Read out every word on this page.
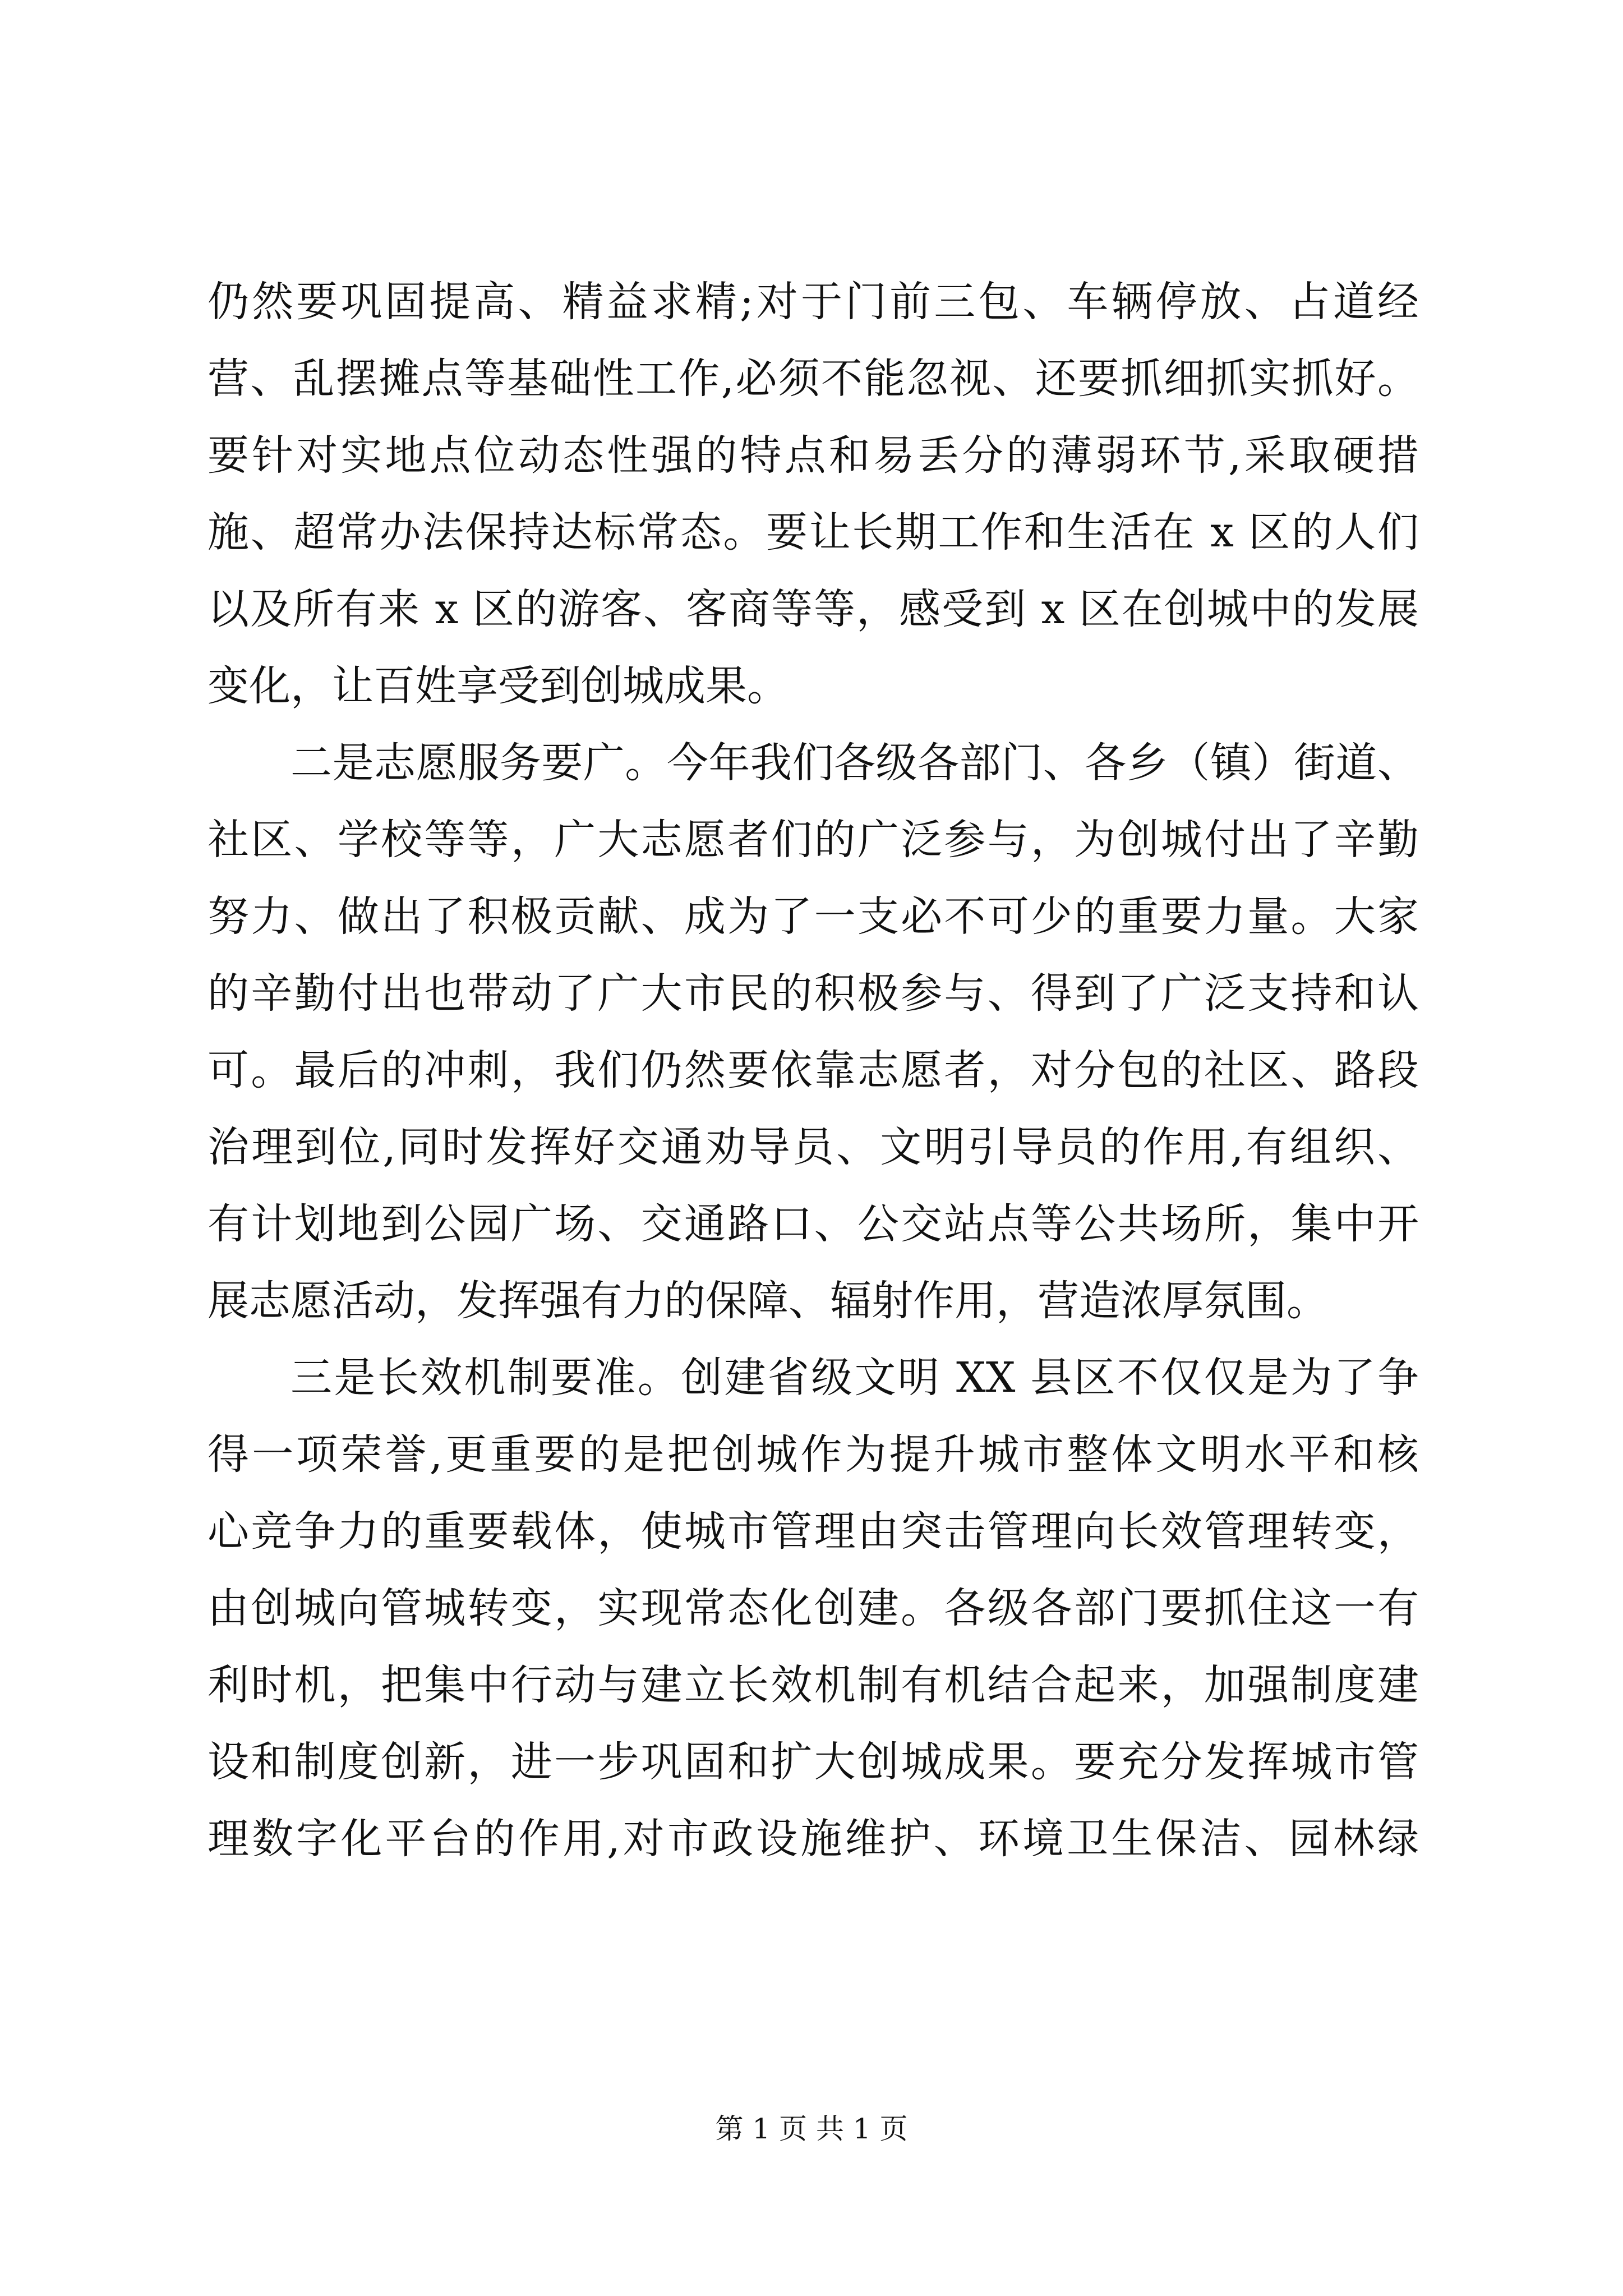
仍然要巩固提高、精益求精;对于门前三包、车辆停放、占道经
营、乱摆摊点等基础性工作,必须不能忽视、还要抓细抓实抓好。
要针对实地点位动态性强的特点和易丢分的薄弱环节,采取硬措
施、超常办法保持达标常态。要让长期工作和生活在 x 区的人们
以及所有来 x 区的游客、客商等等，感受到 x 区在创城中的发展
变化，让百姓享受到创城成果。
二是志愿服务要广。今年我们各级各部门、各乡（镇）街道、
社区、学校等等，广大志愿者们的广泛参与，为创城付出了辛勤
努力、做出了积极贡献、成为了一支必不可少的重要力量。大家
的辛勤付出也带动了广大市民的积极参与、得到了广泛支持和认
可。最后的冲刺，我们仍然要依靠志愿者，对分包的社区、路段
治理到位,同时发挥好交通劝导员、文明引导员的作用,有组织、
有计划地到公园广场、交通路口、公交站点等公共场所，集中开
展志愿活动，发挥强有力的保障、辐射作用，营造浓厚氛围。
三是长效机制要准。创建省级文明 XX 县区不仅仅是为了争
得一项荣誉,更重要的是把创城作为提升城市整体文明水平和核
心竞争力的重要载体，使城市管理由突击管理向长效管理转变，
由创城向管城转变，实现常态化创建。各级各部门要抓住这一有
利时机，把集中行动与建立长效机制有机结合起来，加强制度建
设和制度创新，进一步巩固和扩大创城成果。要充分发挥城市管
理数字化平台的作用,对市政设施维护、环境卫生保洁、园林绿
第 1 页 共 1 页
